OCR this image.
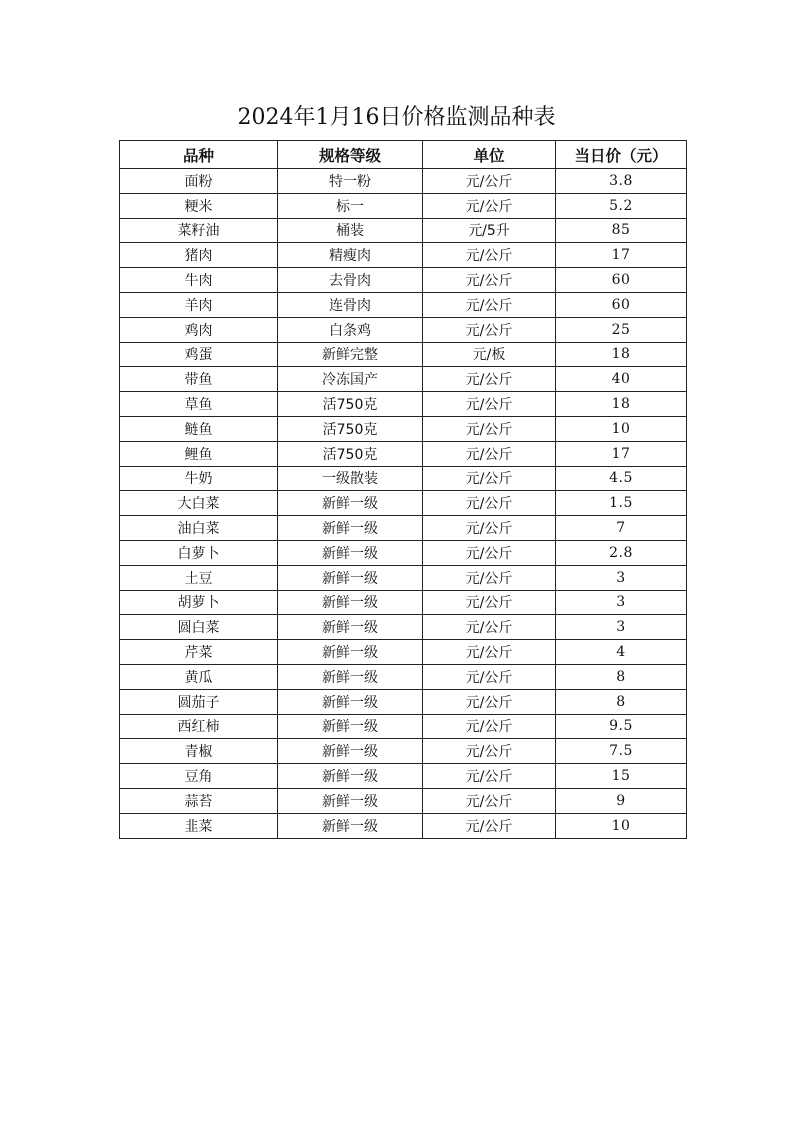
2024年1月16日价格监测品种表
品种	规格等级	单位	当日价（元）
面粉	特一粉	元/公斤	3.8
粳米	标一	元/公斤	5.2
菜籽油	桶装	元/5升	85
猪肉	精瘦肉	元/公斤	17
牛肉	去骨肉	元/公斤	60
羊肉	连骨肉	元/公斤	60
鸡肉	白条鸡	元/公斤	25
鸡蛋	新鲜完整	元/板	18
带鱼	冷冻国产	元/公斤	40
草鱼	活750克	元/公斤	18
鲢鱼	活750克	元/公斤	10
鲤鱼	活750克	元/公斤	17
牛奶	一级散装	元/公斤	4.5
大白菜	新鲜一级	元/公斤	1.5
油白菜	新鲜一级	元/公斤	7
白萝卜	新鲜一级	元/公斤	2.8
土豆	新鲜一级	元/公斤	3
胡萝卜	新鲜一级	元/公斤	3
圆白菜	新鲜一级	元/公斤	3
芹菜	新鲜一级	元/公斤	4
黄瓜	新鲜一级	元/公斤	8
圆茄子	新鲜一级	元/公斤	8
西红柿	新鲜一级	元/公斤	9.5
青椒	新鲜一级	元/公斤	7.5
豆角	新鲜一级	元/公斤	15
蒜苔	新鲜一级	元/公斤	9
韭菜	新鲜一级	元/公斤	10
